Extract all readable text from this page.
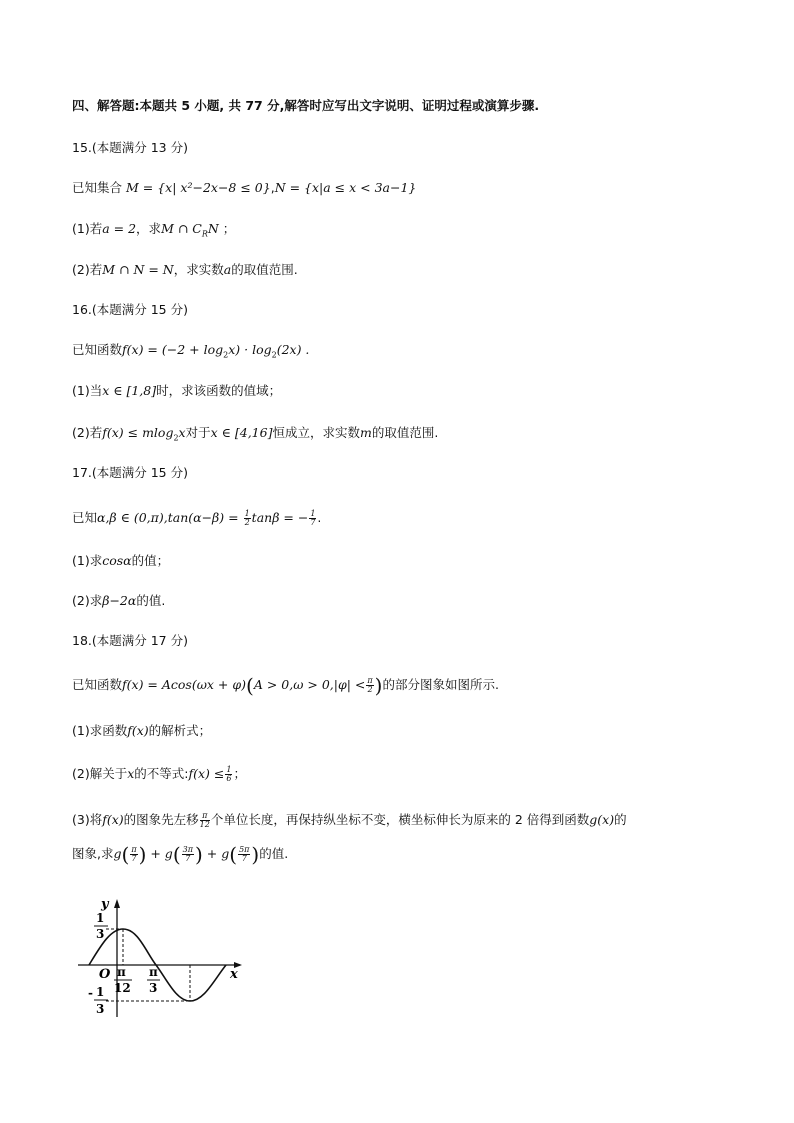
四、解答题:本题共 5 小题, 共 77 分,解答时应写出文字说明、证明过程或演算步骤.
15.(本题满分 13 分)
已知集合 M = {x| x²−2x−8 ≤ 0},N = {x|a ≤ x < 3a−1}
(1)若a = 2，求M ∩ $C_RN$ ；
(2)若M ∩ N = N，求实数a的取值范围.
16.(本题满分 15 分)
已知函数$f(x) = (-2 + \log_2x) \cdot \log_2(2x)$ .
(1)当x ∈ [1,8]时，求该函数的值域；
(2)若f(x) ≤ mlog$_2$x对于x ∈ [4,16]恒成立，求实数m的取值范围.
17.(本题满分 15 分)
已知α,β ∈ $(0,\pi),\tan(\alpha-\beta) = \frac{1}{2}$ tanβ = − $\frac{1}{7}$ .
(1)求cosα的值；
(2)求β−2α的值.
18.(本题满分 17 分)
已知函数$f(x) = Acos(\omega x + \varphi)(A > 0,\omega > 0,|\varphi| < \frac{\pi}{2}$ )的部分图象如图所示.
(1)求函数f(x)的解析式；
(2)解关于x的不等式:f(x) ≤ $\frac{1}{6}$ ；
(3)将f(x)的图象先左移 $\frac{\pi}{12}$ 个单位长度，再保持纵坐标不变，横坐标伸长为原来的 2 倍得到函数g(x)的
图象,求$g( \frac{\pi}{7}$ ) + $g( \frac{3\pi}{7}$ ) + $g( \frac{5\pi}{7}$ )的值.
y
x
O
1
3
- 1
3
π
12
π
3
